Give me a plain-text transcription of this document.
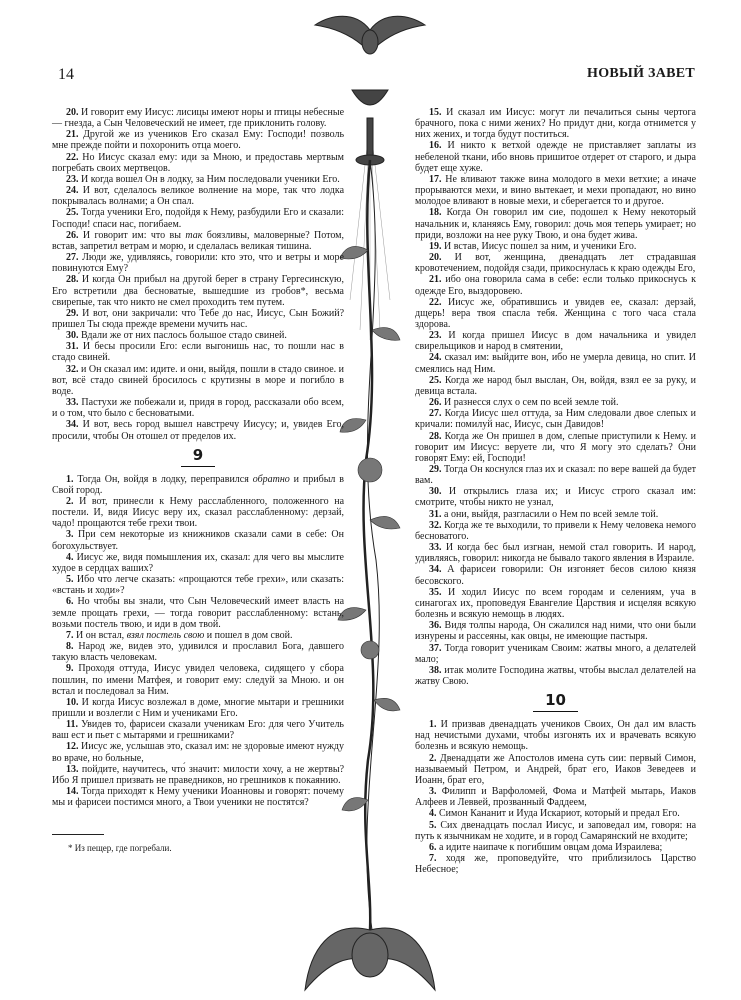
14	НОВЫЙ ЗАВЕТ

20. И говорит ему Иисус: лисицы имеют норы и птицы небесные — гнезда, а Сын Человеческий не имеет, где приклонить голову.

21. Другой же из учеников Его сказал Ему: Господи! позволь мне прежде пойти и похоронить отца моего.

22. Но Иисус сказал ему: иди за Мною, и предоставь мертвым погребать своих мертвецов.

23. И когда вошел Он в лодку, за Ним последовали ученики Его.

24. И вот, сделалось великое волнение на море, так что лодка покрывалась волнами; а Он спал.

25. Тогда ученики Его, подойдя к Нему, разбудили Его и сказали: Господи! спаси нас, погибаем.

26. И говорит им: что вы так боязливы, маловерные? Потом, встав, запретил ветрам и морю, и сделалась великая тишина.

27. Люди же, удивляясь, говорили: кто это, что и ветры и море повинуются Ему?

28. И когда Он прибыл на другой берег в страну Гергесинскую, Его встретили два бесноватые, вышедшие из гробов*, весьма свирепые, так что никто не смел проходить тем путем.

29. И вот, они закричали: что Тебе до нас, Иисус, Сын Божий? пришел Ты сюда прежде времени мучить нас.

30. Вдали же от них паслось большое стадо свиней.

31. И бесы просили Его: если выгонишь нас, то пошли нас в стадо свиней.

32. и Он сказал им: идите. и они, выйдя, пошли в стадо свиное. и вот, всё стадо свиней бросилось с крутизны в море и погибло в воде.

33. Пастухи же побежали и, придя в город, рассказали обо всем, и о том, что было с бесноватыми.

34. И вот, весь город вышел навстречу Иисусу; и, увидев Его, просили, чтобы Он отошел от пределов их.

9

1. Тогда Он, войдя в лодку, переправился обратно и прибыл в Свой город.

2. И вот, принесли к Нему расслабленного, положенного на постели. И, видя Иисус веру их, сказал расслабленному: дерзай, чадо! прощаются тебе грехи твои.

3. При сем некоторые из книжников сказали сами в себе: Он богохульствует.

4. Иисус же, видя помышления их, сказал: для чего вы мыслите худое в сердцах ваших?

5. Ибо что легче сказать: «прощаются тебе грехи», или сказать: «встань и ходи»?

6. Но чтобы вы знали, что Сын Человеческий имеет власть на земле прощать грехи, — тогда говорит расслабленному: встань, возьми постель твою, и иди в дом твой.

7. И он встал, взял постель свою и пошел в дом свой.

8. Народ же, видев это, удивился и прославил Бога, давшего такую власть человекам.

9. Проходя оттуда, Иисус увидел человека, сидящего у сбора пошлин, по имени Матфея, и говорит ему: следуй за Мною. и он встал и последовал за Ним.

10. И когда Иисус возлежал в доме, многие мытари и грешники пришли и возлегли с Ним и учениками Его.

11. Увидев то, фарисеи сказали ученикам Его: для чего Учитель ваш ест и пьет с мытарями и грешниками?

12. Иисус же, услышав это, сказал им: не здоровые имеют нужду во враче, но больные,

13. пойдите, научитесь, что́ значит: милости хочу, а не жертвы? Ибо Я пришел призвать не праведников, но грешников к покаянию.

14. Тогда приходят к Нему ученики Иоанновы и говорят: почему мы и фарисеи постимся много, а Твои ученики не постятся?

* Из пещер, где погребали.

15. И сказал им Иисус: могут ли печалиться сыны чертога брачного, пока с ними жених? Но придут дни, когда отнимется у них жених, и тогда будут поститься.

16. И никто к ветхой одежде не приставляет заплаты из небеленой ткани, ибо вновь пришитое отдерет от старого, и дыра будет еще хуже.

17. Не вливают также вина молодого в мехи ветхие; а иначе прорываются мехи, и вино вытекает, и мехи пропадают, но вино молодое вливают в новые мехи, и сберегается то и другое.

18. Когда Он говорил им сие, подошел к Нему некоторый начальник и, кланяясь Ему, говорил: дочь моя теперь умирает; но приди, возложи на нее руку Твою, и она будет жива.

19. И встав, Иисус пошел за ним, и ученики Его.

20. И вот, женщина, двенадцать лет страдавшая кровотечением, подойдя сзади, прикоснулась к краю одежды Его,

21. ибо она говорила сама в себе: если только прикоснусь к одежде Его, выздоровею.

22. Иисус же, обратившись и увидев ее, сказал: дерзай, дщерь! вера твоя спасла тебя. Женщина с того часа стала здорова.

23. И когда пришел Иисус в дом начальника и увидел свирельщиков и народ в смятении,

24. сказал им: выйдите вон, ибо не умерла девица, но спит. И смеялись над Ним.

25. Когда же народ был выслан, Он, войдя, взял ее за руку, и девица встала.

26. И разнесся слух о сем по всей земле той.

27. Когда Иисус шел оттуда, за Ним следовали двое слепых и кричали: помилуй нас, Иисус, сын Давидов!

28. Когда же Он пришел в дом, слепые приступили к Нему. и говорит им Иисус: веруете ли, что Я могу это сделать? Они говорят Ему: ей, Господи!

29. Тогда Он коснулся глаз их и сказал: по вере вашей да будет вам.

30. И открылись глаза их; и Иисус строго сказал им: смотрите, чтобы никто не узнал,

31. а они, выйдя, разгласили о Нем по всей земле той.

32. Когда же те выходили, то привели к Нему человека немого бесноватого.

33. И когда бес был изгнан, немой стал говорить. И народ, удивляясь, говорил: никогда не бывало такого явления в Израиле.

34. А фарисеи говорили: Он изгоняет бесов силою князя бесовского.

35. И ходил Иисус по всем городам и селениям, уча в синагогах их, проповедуя Евангелие Царствия и исцеляя всякую болезнь и всякую немощь в людях.

36. Видя толпы народа, Он сжалился над ними, что они были изнурены и рассеяны, как овцы, не имеющие пастыря.

37. Тогда говорит ученикам Своим: жатвы много, а делателей мало;

38. итак молите Господина жатвы, чтобы выслал делателей на жатву Свою.

10

1. И призвав двенадцать учеников Своих, Он дал им власть над нечистыми духами, чтобы изгонять их и врачевать всякую болезнь и всякую немощь.

2. Двенадцати же Апостолов имена суть сии: первый Симон, называемый Петром, и Андрей, брат его, Иаков Зеведеев и Иоанн, брат его,

3. Филипп и Варфоломей, Фома и Матфей мытарь, Иаков Алфеев и Леввей, прозванный Фаддеем,

4. Симон Кананит и Иуда Искариот, который и предал Его.

5. Сих двенадцать послал Иисус, и заповедал им, говоря: на путь к язычникам не ходите, и в город Самарянский не входите;

6. а идите наипаче к погибшим овцам дома Израилева;

7. ходя же, проповедуйте, что приблизилось Царство Небесное;
